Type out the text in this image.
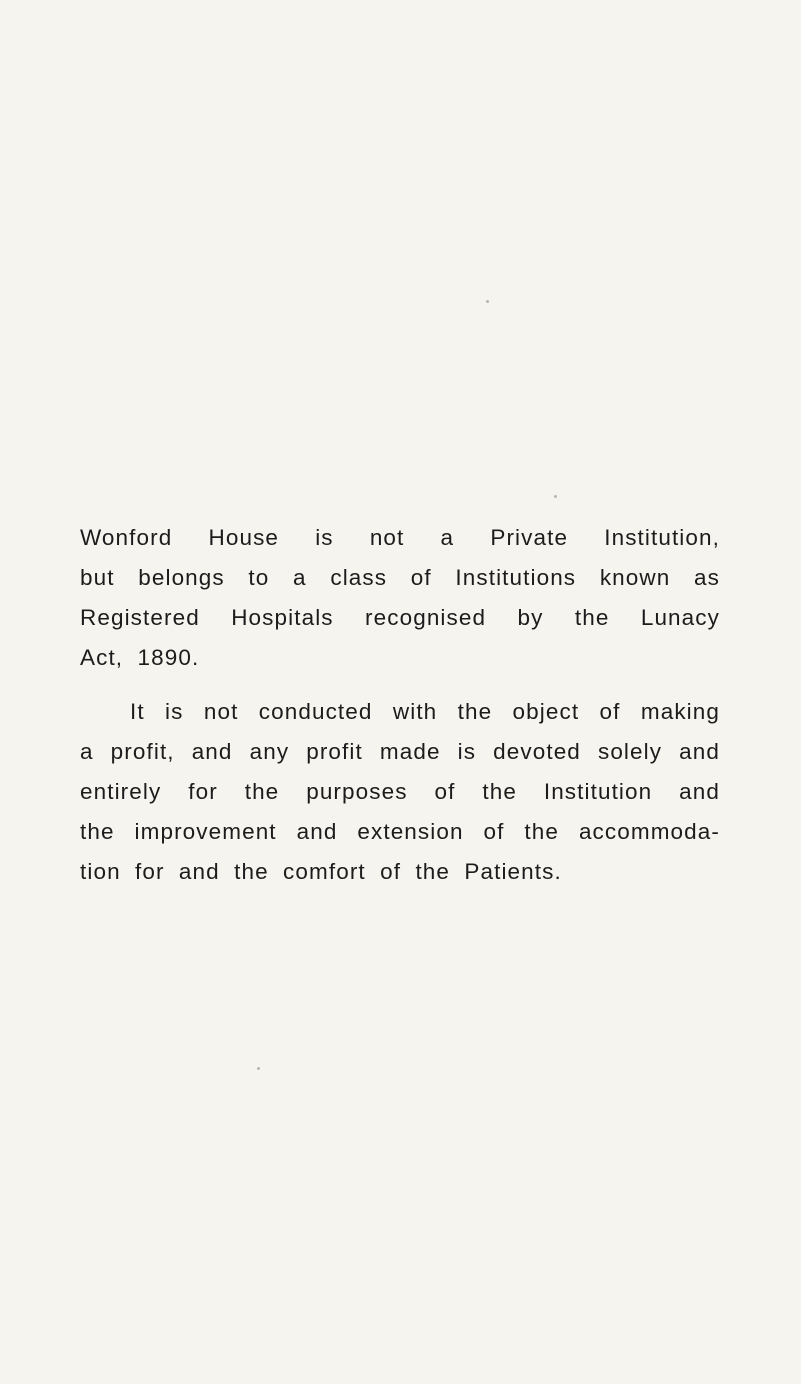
Wonford House is not a Private Institution,
but belongs to a class of Institutions known as
Registered Hospitals recognised by the Lunacy
Act, 1890.

It is not conducted with the object of making
a profit, and any profit made is devoted solely and
entirely for the purposes of the Institution and
the improvement and extension of the accommoda-
tion for and the comfort of the Patients.
